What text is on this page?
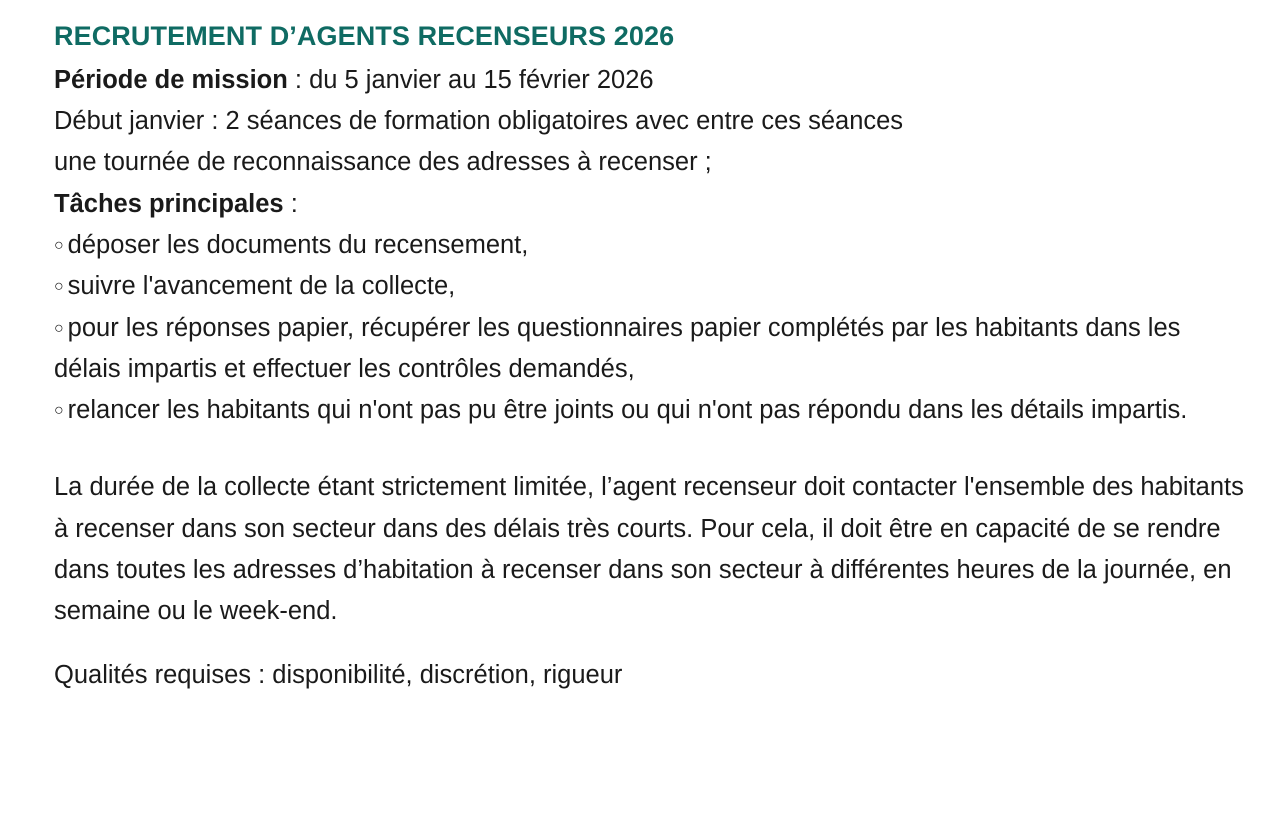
RECRUTEMENT D’AGENTS RECENSEURS 2026

Période de mission : du 5 janvier au 15 février 2026

Début janvier : 2 séances de formation obligatoires avec entre ces séances

une tournée de reconnaissance des adresses à recenser ;

Tâches principales :

○ déposer les documents du recensement,

○ suivre l'avancement de la collecte,

○ pour les réponses papier, récupérer les questionnaires papier complétés par les habitants dans les délais impartis et effectuer les contrôles demandés,

○ relancer les habitants qui n'ont pas pu être joints ou qui n'ont pas répondu dans les détails impartis.

La durée de la collecte étant strictement limitée, l’agent recenseur doit contacter l'ensemble des habitants à recenser dans son secteur dans des délais très courts. Pour cela, il doit être en capacité de se rendre dans toutes les adresses d’habitation à recenser dans son secteur à différentes heures de la journée, en semaine ou le week-end.

Qualités requises : disponibilité, discrétion, rigueur
